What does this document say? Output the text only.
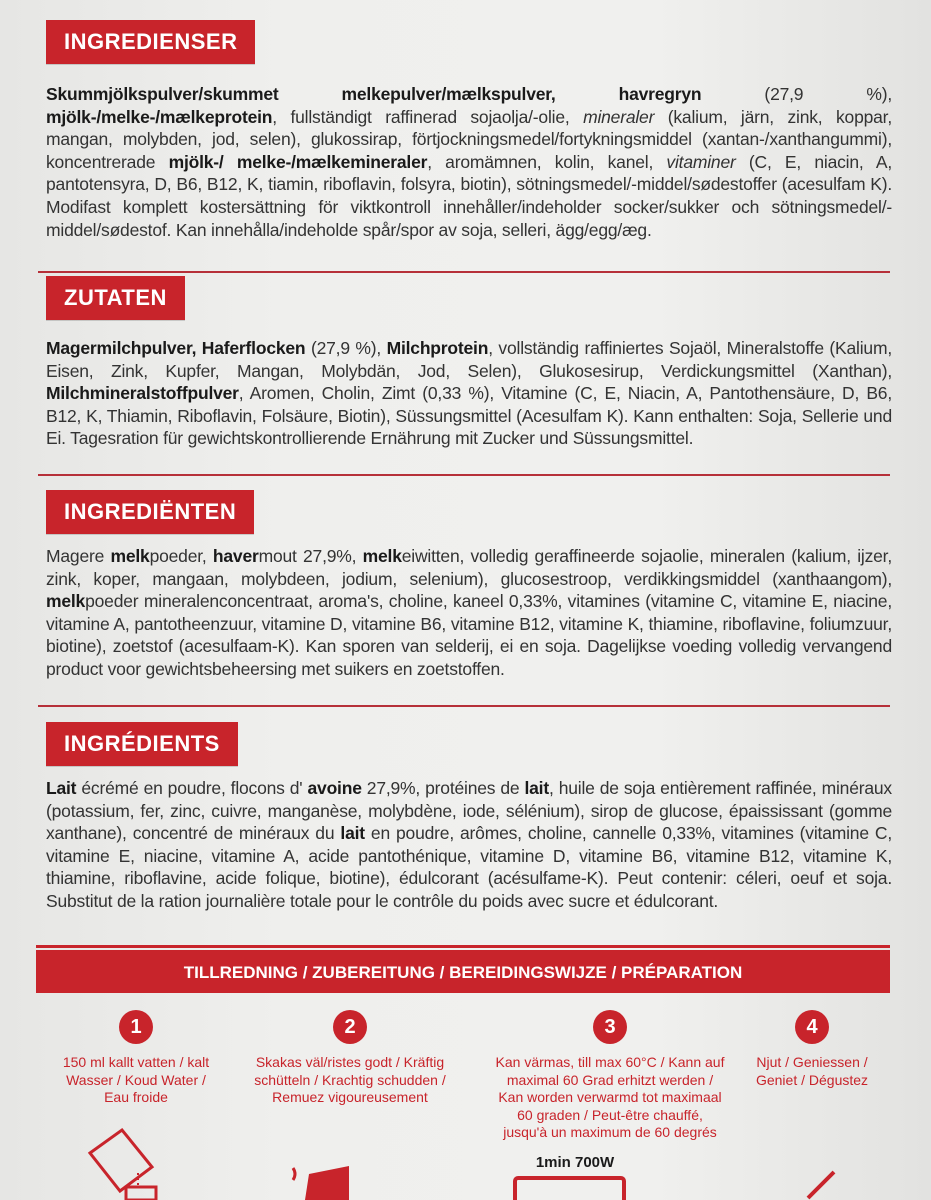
INGREDIENSER
Skummjölkspulver/skummet melkepulver/mælkspulver, havregryn (27,9 %), mjölk-/melke-/mælkeprotein, fullständigt raffinerad sojaolja/-olie, mineraler (kalium, järn, zink, koppar, mangan, molybden, jod, selen), glukossirap, förtjockningsmedel/fortykningsmiddel (xantan-/xanthangummi), koncentrerade mjölk-/ melke-/mælkemineraler, aromämnen, kolin, kanel, vitaminer (C, E, niacin, A, pantotensyra, D, B6, B12, K, tiamin, riboflavin, folsyra, biotin), sötningsmedel/-middel/sødestoffer (acesulfam K). Modifast komplett kostersättning för viktkontroll innehåller/indeholder socker/sukker och sötningsmedel/-middel/sødestof. Kan innehålla/indeholde spår/spor av soja, selleri, ägg/egg/æg.
ZUTATEN
Magermilchpulver, Haferflocken (27,9 %), Milchprotein, vollständig raffiniertes Sojaöl, Mineralstoffe (Kalium, Eisen, Zink, Kupfer, Mangan, Molybdän, Jod, Selen), Glukosesirup, Verdickungsmittel (Xanthan), Milchmineralstoffpulver, Aromen, Cholin, Zimt (0,33 %), Vitamine (C, E, Niacin, A, Pantothensäure, D, B6, B12, K, Thiamin, Riboflavin, Folsäure, Biotin), Süssungsmittel (Acesulfam K). Kann enthalten: Soja, Sellerie und Ei. Tagesration für gewichtskontrollierende Ernährung mit Zucker und Süssungsmittel.
INGREDIËNTEN
Magere melkpoeder, havermout 27,9%, melkeiwitten, volledig geraffineerde sojaolie, mineralen (kalium, ijzer, zink, koper, mangaan, molybdeen, jodium, selenium), glucosestroop, verdikkingsmiddel (xanthaangom), melkpoeder mineralenconcentraat, aroma's, choline, kaneel 0,33%, vitamines (vitamine C, vitamine E, niacine, vitamine A, pantotheenzuur, vitamine D, vitamine B6, vitamine B12, vitamine K, thiamine, riboflavine, foliumzuur, biotine), zoetstof (acesulfaam-K). Kan sporen van selderij, ei en soja. Dagelijkse voeding volledig vervangend product voor gewichtsbeheersing met suikers en zoetstoffen.
INGRÉDIENTS
Lait écrémé en poudre, flocons d' avoine 27,9%, protéines de lait, huile de soja entièrement raffinée, minéraux (potassium, fer, zinc, cuivre, manganèse, molybdène, iode, sélénium), sirop de glucose, épaississant (gomme xanthane), concentré de minéraux du lait en poudre, arômes, choline, cannelle 0,33%, vitamines (vitamine C, vitamine E, niacine, vitamine A, acide pantothénique, vitamine D, vitamine B6, vitamine B12, vitamine K, thiamine, riboflavine, acide folique, biotine), édulcorant (acésulfame-K). Peut contenir: céleri, oeuf et soja. Substitut de la ration journalière totale pour le contrôle du poids avec sucre et édulcorant.
TILLREDNING / ZUBEREITUNG / BEREIDINGSWIJZE / PRÉPARATION
1
150 ml kallt vatten / kalt Wasser / Koud Water / Eau froide
2
Skakas väl/ristes godt / Kräftig schütteln / Krachtig schudden / Remuez vigoureusement
3
Kan värmas, till max 60°C / Kann auf maximal 60 Grad erhitzt werden / Kan worden verwarmd tot maximaal 60 graden / Peut-être chauffé, jusqu'à un maximum de 60 degrés
4
Njut / Geniessen / Geniet / Dégustez
1min 700W
